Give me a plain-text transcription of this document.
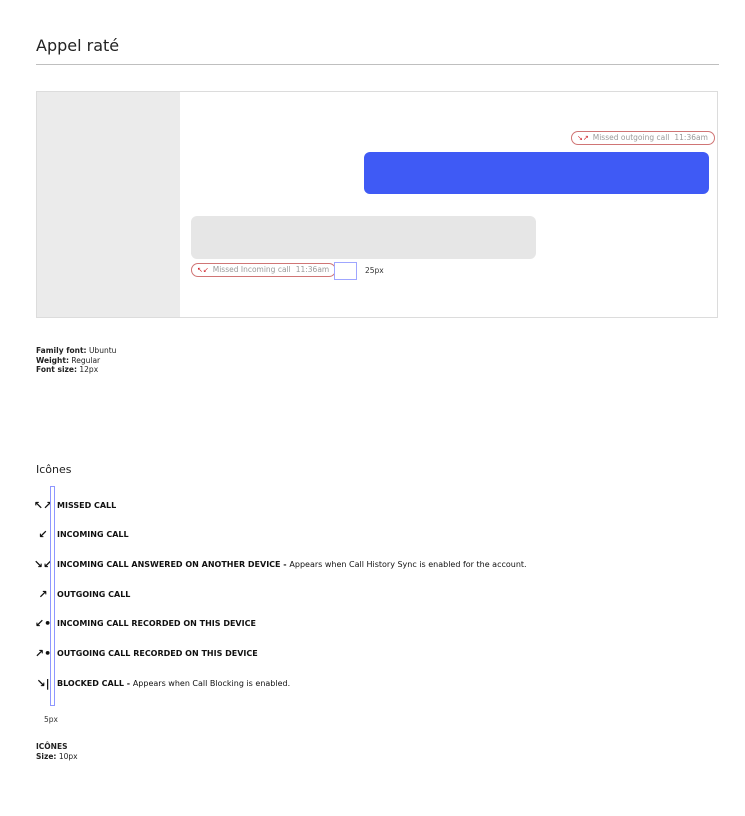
Appel raté
↘↗ Missed outgoing call 11:36am
↖↙ Missed Incoming call 11:36am	25px
Family font: Ubuntu
Weight: Regular
Font size: 12px
Icônes
↖↗ MISSED CALL
↙ INCOMING CALL
↘↙ INCOMING CALL ANSWERED ON ANOTHER DEVICE - Appears when Call History Sync is enabled for the account.
↗ OUTGOING CALL
↙• INCOMING CALL RECORDED ON THIS DEVICE
↗• OUTGOING CALL RECORDED ON THIS DEVICE
↘| BLOCKED CALL - Appears when Call Blocking is enabled.
5px
ICÔNES
Size: 10px
